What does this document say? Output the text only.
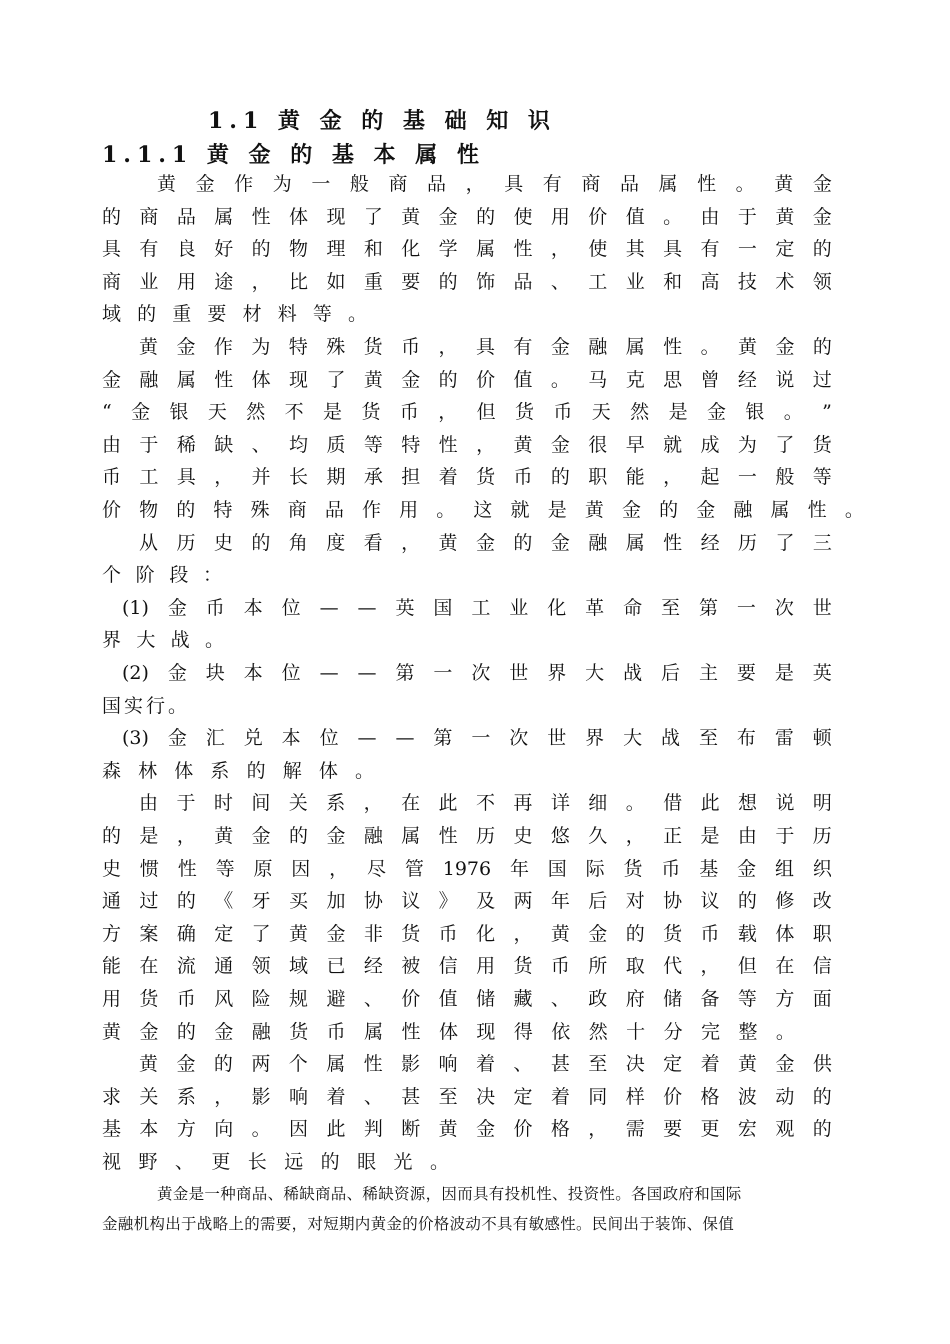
1.1 黄 金 的 基 础 知 识
1.1.1 黄 金 的 基 本 属 性
黄 金 作 为 一 般 商 品 ， 具 有 商 品 属 性 。 黄 金
的 商 品 属 性 体 现 了 黄 金 的 使 用 价 值 。 由 于 黄 金
具 有 良 好 的 物 理 和 化 学 属 性 ， 使 其 具 有 一 定 的
商 业 用 途 ， 比 如 重 要 的 饰 品 、 工 业 和 高 技 术 领
域 的 重 要 材 料 等 。
黄 金 作 为 特 殊 货 币 ， 具 有 金 融 属 性 。 黄 金 的
金 融 属 性 体 现 了 黄 金 的 价 值 。 马 克 思 曾 经 说 过
“ 金 银 天 然 不 是 货 币 ， 但 货 币 天 然 是 金 银 。 ”
由 于 稀 缺 、 均 质 等 特 性 ， 黄 金 很 早 就 成 为 了 货
币 工 具 ， 并 长 期 承 担 着 货 币 的 职 能 ， 起 一 般 等
价 物 的 特 殊 商 品 作 用 。 这 就 是 黄 金 的 金 融 属 性 。
从 历 史 的 角 度 看 ， 黄 金 的 金 融 属 性 经 历 了 三
个 阶 段 ：
(1) 金 币 本 位 — — 英 国 工 业 化 革 命 至 第 一 次 世
界 大 战 。
(2) 金 块 本 位 — — 第 一 次 世 界 大 战 后 主 要 是 英
国 实 行 。
(3) 金 汇 兑 本 位 — — 第 一 次 世 界 大 战 至 布 雷 顿
森 林 体 系 的 解 体 。
由 于 时 间 关 系 ， 在 此 不 再 详 细 。 借 此 想 说 明
的 是 ， 黄 金 的 金 融 属 性 历 史 悠 久 ， 正 是 由 于 历
史 惯 性 等 原 因 ， 尽 管 1976 年 国 际 货 币 基 金 组 织
通 过 的 《 牙 买 加 协 议 》 及 两 年 后 对 协 议 的 修 改
方 案 确 定 了 黄 金 非 货 币 化 ， 黄 金 的 货 币 载 体 职
能 在 流 通 领 域 已 经 被 信 用 货 币 所 取 代 ， 但 在 信
用 货 币 风 险 规 避 、 价 值 储 藏 、 政 府 储 备 等 方 面
黄 金 的 金 融 货 币 属 性 体 现 得 依 然 十 分 完 整 。
黄 金 的 两 个 属 性 影 响 着 、 甚 至 决 定 着 黄 金 供
求 关 系 ， 影 响 着 、 甚 至 决 定 着 同 样 价 格 波 动 的
基 本 方 向 。 因 此 判 断 黄 金 价 格 ， 需 要 更 宏 观 的
视 野 、 更 长 远 的 眼 光 。
黄金是一种商品、稀缺商品、稀缺资源，因而具有投机性、投资性。各国政府和国际
金融机构出于战略上的需要，对短期内黄金的价格波动不具有敏感性。民间出于装饰、保值
